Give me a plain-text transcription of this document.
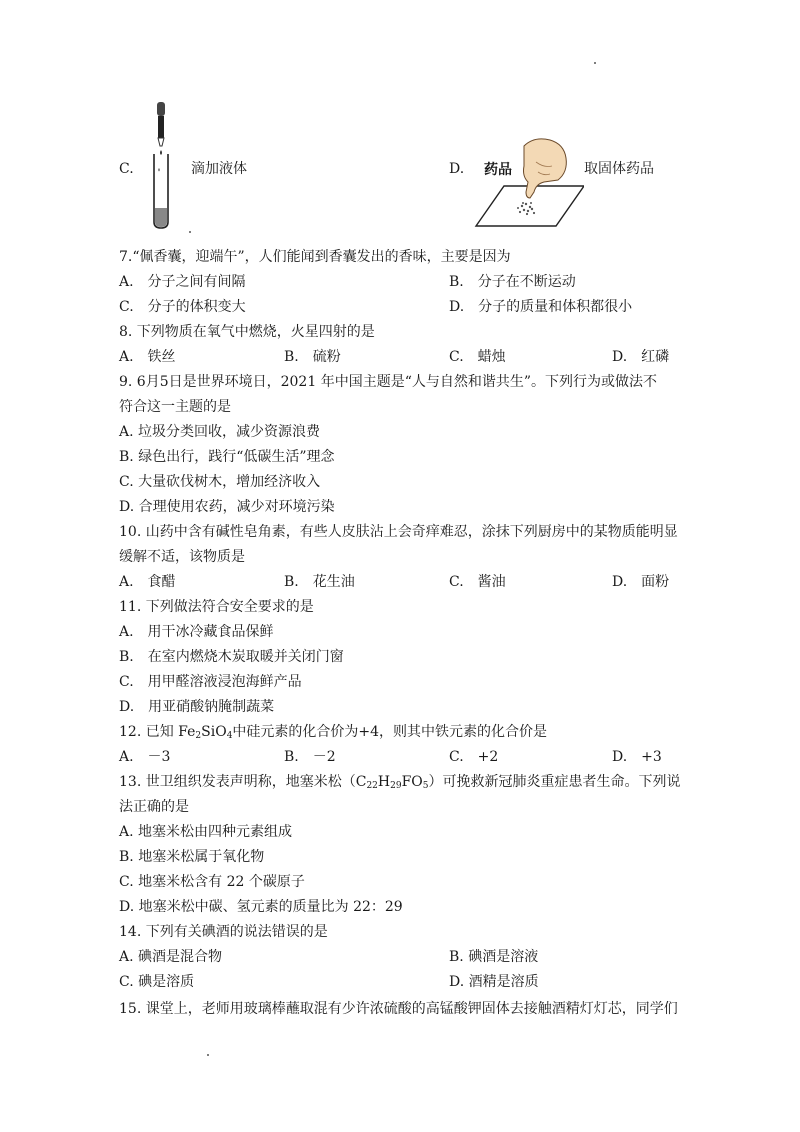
C.	滴加液体	D. 药品	取固体药品
7.“佩香囊，迎端午”，人们能闻到香囊发出的香味，主要是因为
A.　分子之间有间隔	B.　分子在不断运动
C.　分子的体积变大	D.　分子的质量和体积都很小
8. 下列物质在氧气中燃烧，火星四射的是
A.　铁丝	B.　硫粉	C.　蜡烛	D.　红磷
9. 6月5日是世界环境日，2021 年中国主题是“人与自然和谐共生”。下列行为或做法不
符合这一主题的是
A. 垃圾分类回收，减少资源浪费
B. 绿色出行，践行“低碳生活”理念
C. 大量砍伐树木，增加经济收入
D. 合理使用农药，减少对环境污染
10. 山药中含有碱性皂角素，有些人皮肤沾上会奇痒难忍，涂抹下列厨房中的某物质能明显
缓解不适，该物质是
A.　食醋	B.　花生油	C.　酱油	D.　面粉
11. 下列做法符合安全要求的是
A.　用干冰冷藏食品保鲜
B.　在室内燃烧木炭取暖并关闭门窗
C.　用甲醛溶液浸泡海鲜产品
D.　用亚硝酸钠腌制蔬菜
12. 已知 $Fe_2SiO_4$中硅元素的化合价为+4，则其中铁元素的化合价是
A.　－3	B.　－2	C.　+2	D.　+3
13. 世卫组织发表声明称，地塞米松$(C_{22}H_{29}FO_5)$可挽救新冠肺炎重症患者生命。下列说
法正确的是
A. 地塞米松由四种元素组成
B. 地塞米松属于氧化物
C. 地塞米松含有 22 个碳原子
D. 地塞米松中碳、氢元素的质量比为 22：29
14. 下列有关碘酒的说法错误的是
A. 碘酒是混合物	B. 碘酒是溶液
C. 碘是溶质	D. 酒精是溶质
15. 课堂上，老师用玻璃棒蘸取混有少许浓硫酸的高锰酸钾固体去接触酒精灯灯芯，同学们
